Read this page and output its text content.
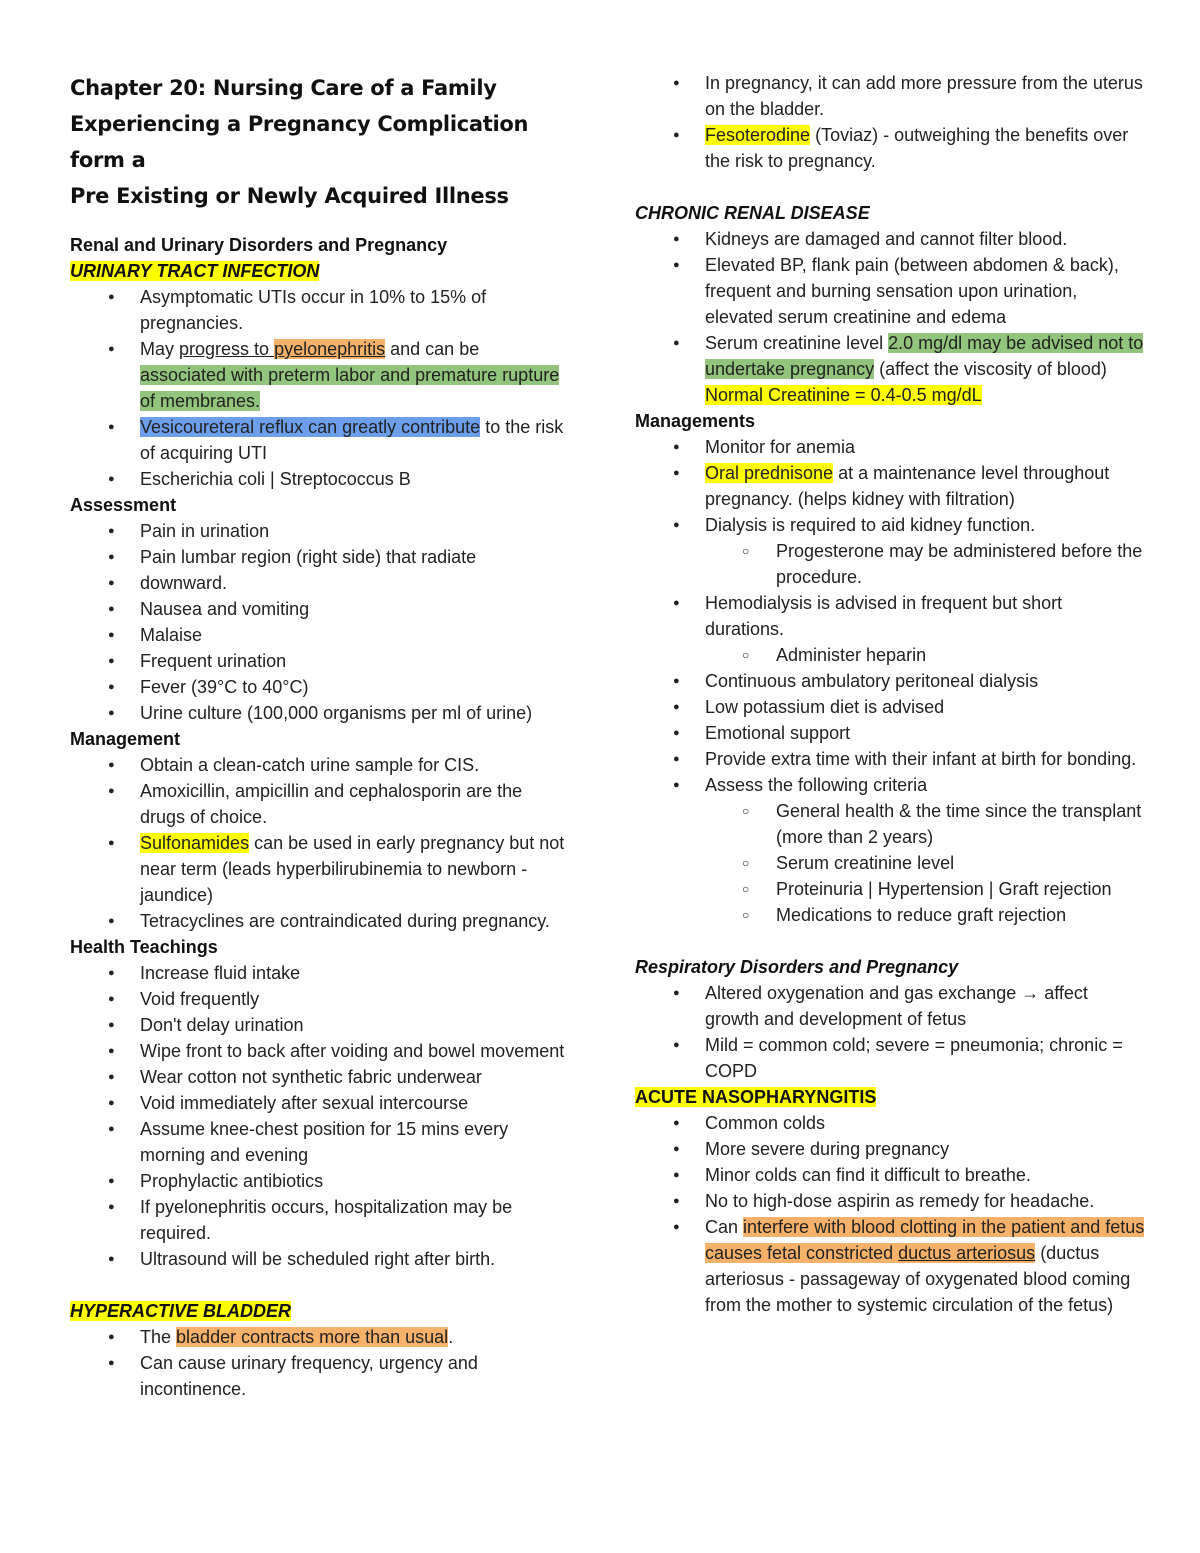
Chapter 20: Nursing Care of a Family
Experiencing a Pregnancy Complication form a
Pre Existing or Newly Acquired Illness

Renal and Urinary Disorders and Pregnancy

URINARY TRACT INFECTION

● Asymptomatic UTIs occur in 10% to 15% of pregnancies.
● May progress to pyelonephritis and can be associated with preterm labor and premature rupture of membranes.
● Vesicoureteral reflux can greatly contribute to the risk of acquiring UTI
● Escherichia coli | Streptococcus B

Assessment

● Pain in urination
● Pain lumbar region (right side) that radiate
● downward.
● Nausea and vomiting
● Malaise
● Frequent urination
● Fever (39°C to 40°C)
● Urine culture (100,000 organisms per ml of urine)

Management

● Obtain a clean-catch urine sample for CIS.
● Amoxicillin, ampicillin and cephalosporin are the drugs of choice.
● Sulfonamides can be used in early pregnancy but not near term (leads hyperbilirubinemia to newborn - jaundice)
● Tetracyclines are contraindicated during pregnancy.

Health Teachings

● Increase fluid intake
● Void frequently
● Don't delay urination
● Wipe front to back after voiding and bowel movement
● Wear cotton not synthetic fabric underwear
● Void immediately after sexual intercourse
● Assume knee-chest position for 15 mins every morning and evening
● Prophylactic antibiotics
● If pyelonephritis occurs, hospitalization may be required.
● Ultrasound will be scheduled right after birth.

HYPERACTIVE BLADDER

● The bladder contracts more than usual.
● Can cause urinary frequency, urgency and incontinence.
● In pregnancy, it can add more pressure from the uterus on the bladder.
● Fesoterodine (Toviaz) - outweighing the benefits over the risk to pregnancy.

CHRONIC RENAL DISEASE

● Kidneys are damaged and cannot filter blood.
● Elevated BP, flank pain (between abdomen & back), frequent and burning sensation upon urination, elevated serum creatinine and edema
● Serum creatinine level 2.0 mg/dl may be advised not to undertake pregnancy (affect the viscosity of blood) Normal Creatinine = 0.4-0.5 mg/dL

Managements

● Monitor for anemia
● Oral prednisone at a maintenance level throughout pregnancy. (helps kidney with filtration)
● Dialysis is required to aid kidney function.
○ Progesterone may be administered before the procedure.
● Hemodialysis is advised in frequent but short durations.
○ Administer heparin
● Continuous ambulatory peritoneal dialysis
● Low potassium diet is advised
● Emotional support
● Provide extra time with their infant at birth for bonding.
● Assess the following criteria
○ General health & the time since the transplant (more than 2 years)
○ Serum creatinine level
○ Proteinuria | Hypertension | Graft rejection
○ Medications to reduce graft rejection

Respiratory Disorders and Pregnancy

● Altered oxygenation and gas exchange → affect growth and development of fetus
● Mild = common cold; severe = pneumonia; chronic = COPD

ACUTE NASOPHARYNGITIS

● Common colds
● More severe during pregnancy
● Minor colds can find it difficult to breathe.
● No to high-dose aspirin as remedy for headache.
● Can interfere with blood clotting in the patient and fetus causes fetal constricted ductus arteriosus (ductus arteriosus - passageway of oxygenated blood coming from the mother to systemic circulation of the fetus)
